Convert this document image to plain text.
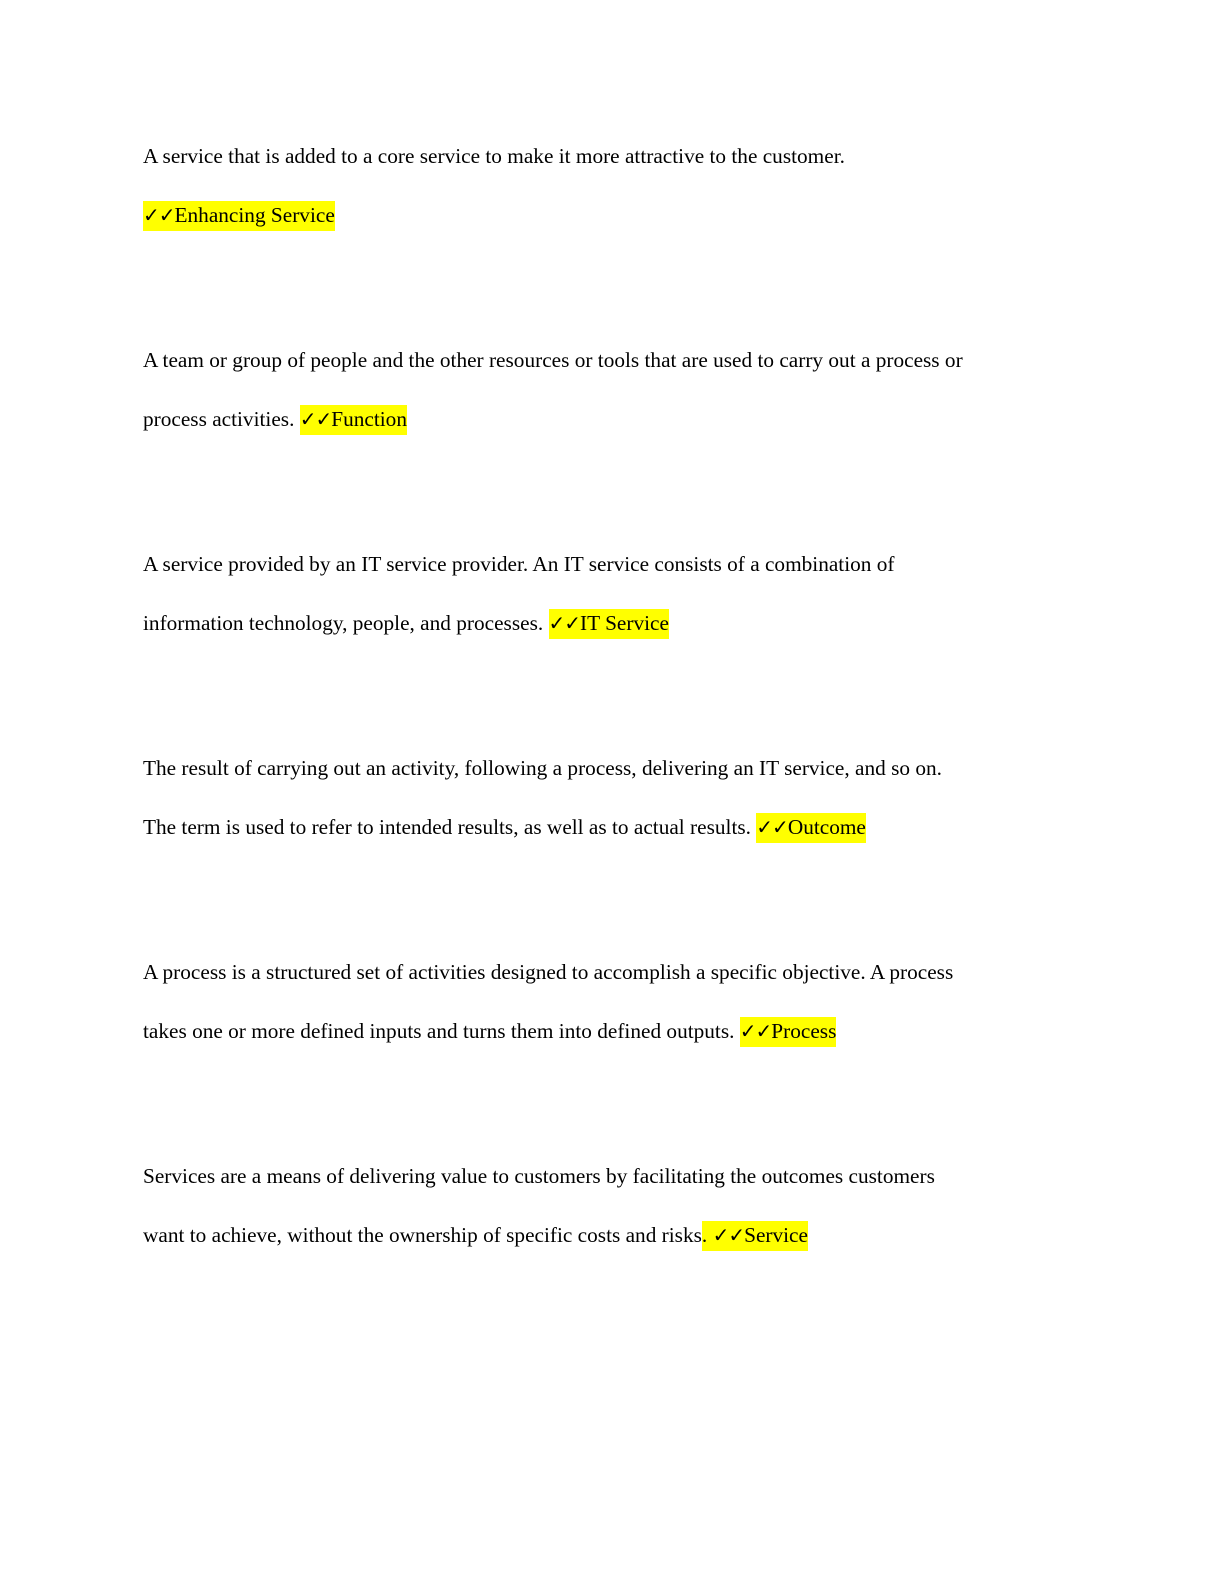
A service that is added to a core service to make it more attractive to the customer.
✓✓Enhancing Service
A team or group of people and the other resources or tools that are used to carry out a process or
process activities. ✓✓Function
A service provided by an IT service provider. An IT service consists of a combination of
information technology, people, and processes. ✓✓IT Service
The result of carrying out an activity, following a process, delivering an IT service, and so on.
The term is used to refer to intended results, as well as to actual results. ✓✓Outcome
A process is a structured set of activities designed to accomplish a specific objective. A process
takes one or more defined inputs and turns them into defined outputs. ✓✓Process
Services are a means of delivering value to customers by facilitating the outcomes customers
want to achieve, without the ownership of specific costs and risks. ✓✓Service
